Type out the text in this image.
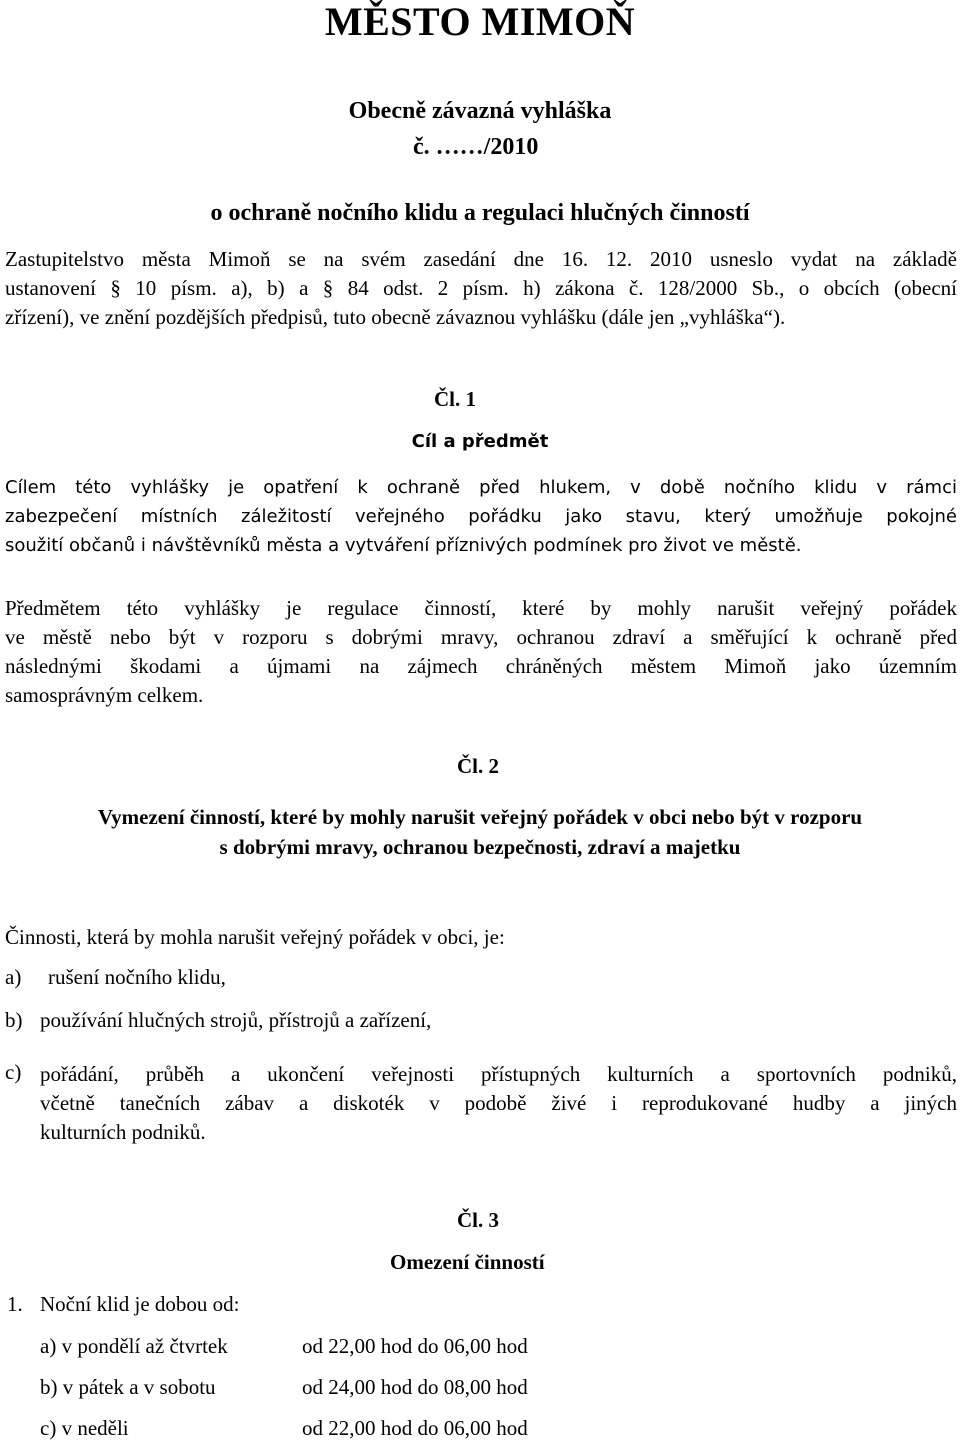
MĚSTO MIMOŇ
Obecně závazná vyhláška
č. ……/2010
o ochraně nočního klidu a regulaci hlučných činností
Zastupitelstvo města Mimoň se na svém zasedání dne 16. 12. 2010 usneslo vydat na základě
ustanovení § 10 písm. a), b) a § 84 odst. 2 písm. h) zákona č. 128/2000 Sb., o obcích (obecní
zřízení), ve znění pozdějších předpisů, tuto obecně závaznou vyhlášku (dále jen „vyhláška“).
Čl. 1
Cíl a předmět
Cílem této vyhlášky je opatření k ochraně před hlukem, v době nočního klidu v rámci
zabezpečení místních záležitostí veřejného pořádku jako stavu, který umožňuje pokojné
soužití občanů i návštěvníků města a vytváření příznivých podmínek pro život ve městě.
Předmětem této vyhlášky je regulace činností, které by mohly narušit veřejný pořádek
ve městě nebo být v rozporu s dobrými mravy, ochranou zdraví a směřující k ochraně před
následnými škodami a újmami na zájmech chráněných městem Mimoň jako územním
samosprávným celkem.
Čl. 2
Vymezení činností, které by mohly narušit veřejný pořádek v obci nebo být v rozporu
s dobrými mravy, ochranou bezpečnosti, zdraví a majetku
Činnosti, která by mohla narušit veřejný pořádek v obci, je:
a) rušení nočního klidu,
b) používání hlučných strojů, přístrojů a zařízení,
c) pořádání, průběh a ukončení veřejnosti přístupných kulturních a sportovních podniků,
včetně tanečních zábav a diskoték v podobě živé i reprodukované hudby a jiných
kulturních podniků.
Čl. 3
Omezení činností
1. Noční klid je dobou od:
a) v pondělí až čtvrtek	od 22,00 hod do 06,00 hod
b) v pátek a v sobotu	od 24,00 hod do 08,00 hod
c) v neděli	od 22,00 hod do 06,00 hod
